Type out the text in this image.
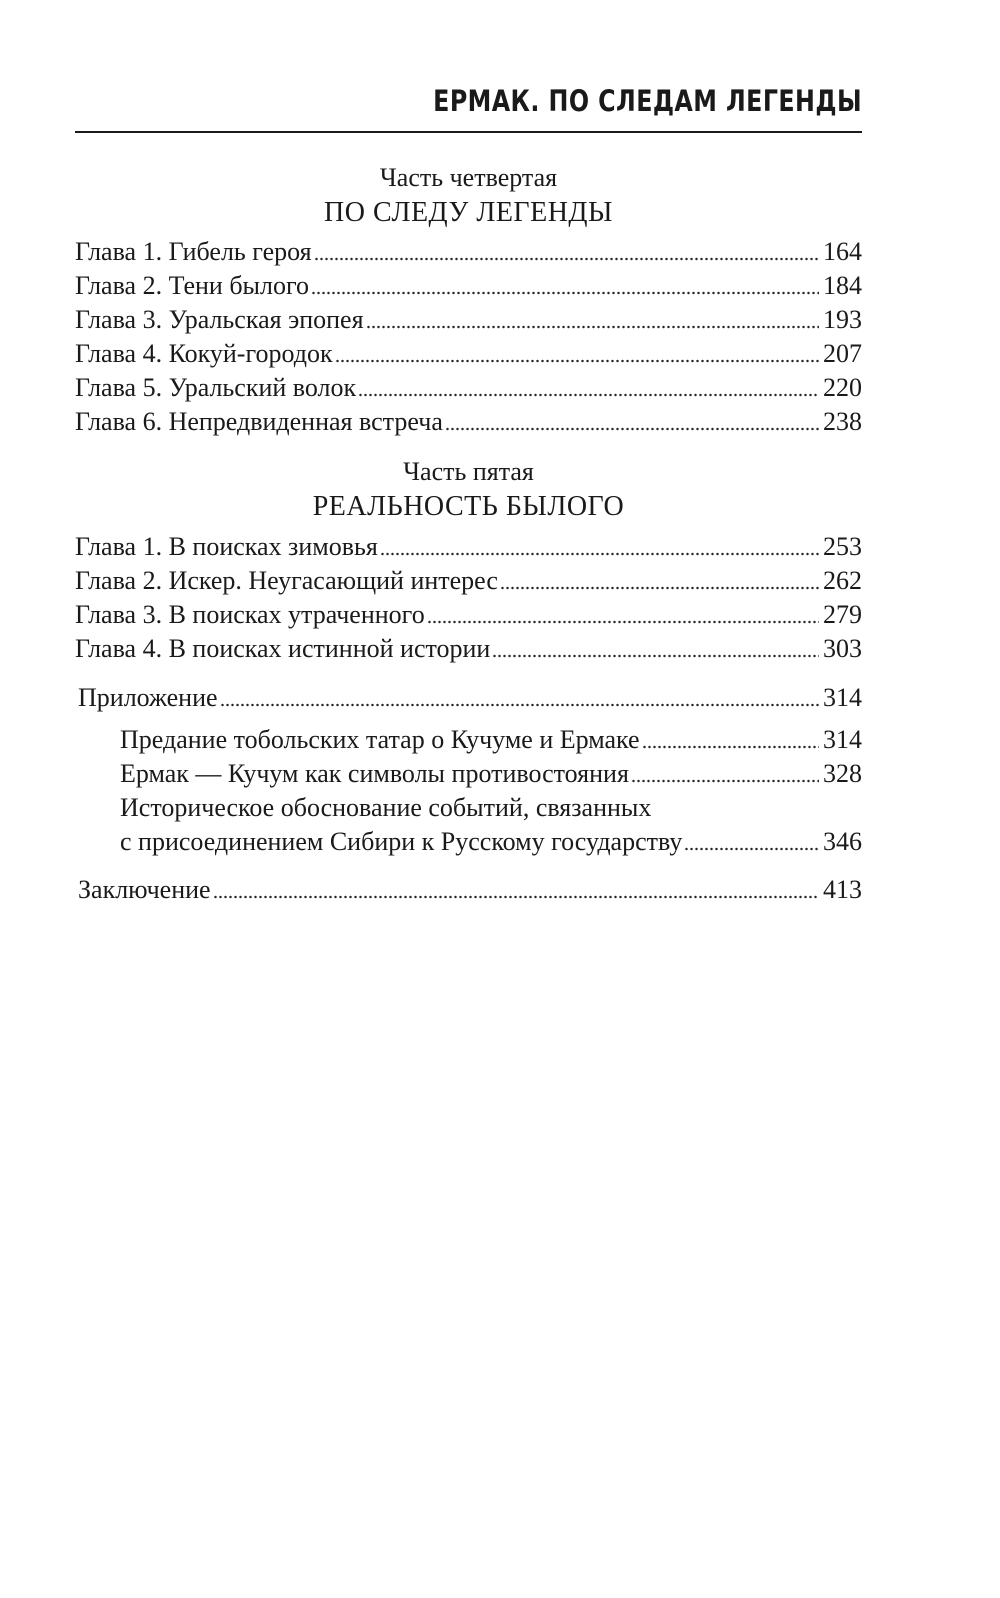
ЕРМАК. ПО СЛЕДАМ ЛЕГЕНДЫ
Часть четвертая
ПО СЛЕДУ ЛЕГЕНДЫ
Глава 1. Гибель героя	164
Глава 2. Тени былого	184
Глава 3. Уральская эпопея	193
Глава 4. Кокуй-городок	207
Глава 5. Уральский волок	220
Глава 6. Непредвиденная встреча	238
Часть пятая
РЕАЛЬНОСТЬ БЫЛОГО
Глава 1. В поисках зимовья	253
Глава 2. Искер. Неугасающий интерес	262
Глава 3. В поисках утраченного	279
Глава 4. В поисках истинной истории	303
Приложение	314
Предание тобольских татар о Кучуме и Ермаке	314
Ермак — Кучум как символы противостояния	328
Историческое обоснование событий, связанных
с присоединением Сибири к Русскому государству	346
Заключение	413
